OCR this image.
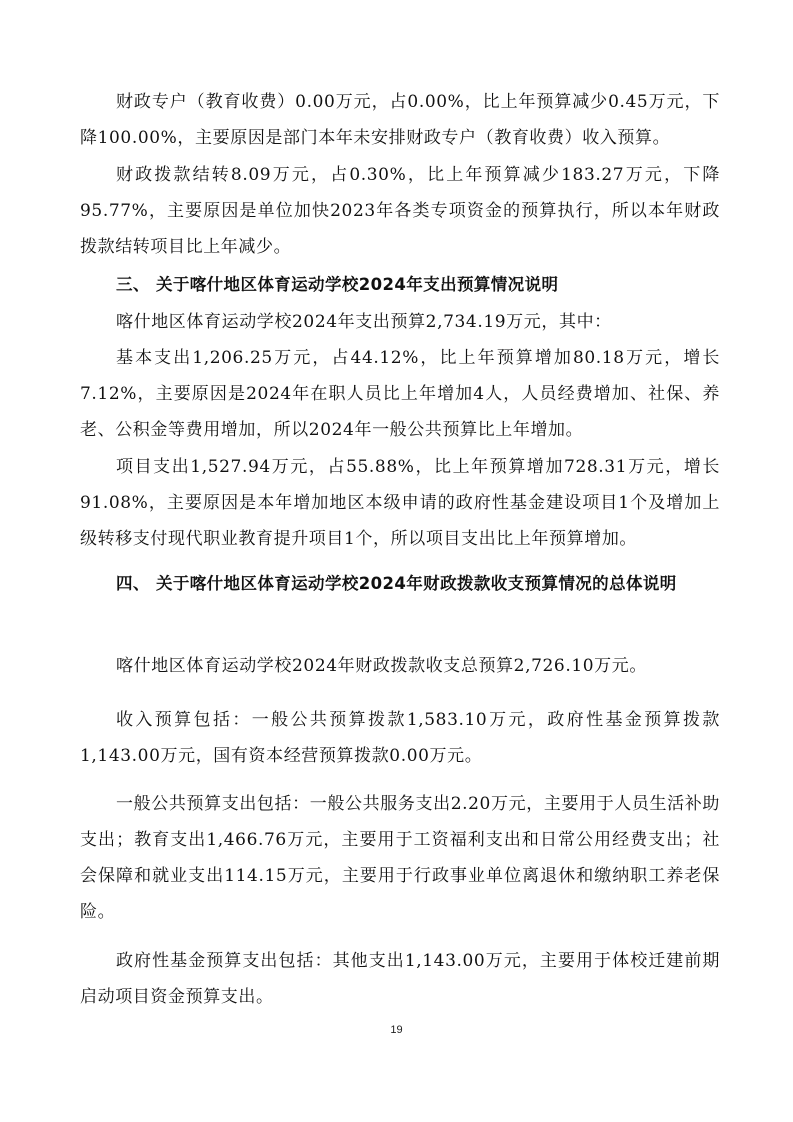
财政专户（教育收费）0.00万元，占0.00%，比上年预算减少0.45万元，下降100.00%，主要原因是部门本年未安排财政专户（教育收费）收入预算。

财政拨款结转8.09万元，占0.30%，比上年预算减少183.27万元，下降95.77%，主要原因是单位加快2023年各类专项资金的预算执行，所以本年财政拨款结转项目比上年减少。

三、 关于喀什地区体育运动学校2024年支出预算情况说明

喀什地区体育运动学校2024年支出预算2,734.19万元，其中：

基本支出1,206.25万元，占44.12%，比上年预算增加80.18万元，增长7.12%，主要原因是2024年在职人员比上年增加4人，人员经费增加、社保、养老、公积金等费用增加，所以2024年一般公共预算比上年增加。

项目支出1,527.94万元，占55.88%，比上年预算增加728.31万元，增长91.08%，主要原因是本年增加地区本级申请的政府性基金建设项目1个及增加上级转移支付现代职业教育提升项目1个，所以项目支出比上年预算增加。

四、 关于喀什地区体育运动学校2024年财政拨款收支预算情况的总体说明

喀什地区体育运动学校2024年财政拨款收支总预算2,726.10万元。

收入预算包括：一般公共预算拨款1,583.10万元，政府性基金预算拨款1,143.00万元，国有资本经营预算拨款0.00万元。

一般公共预算支出包括：一般公共服务支出2.20万元，主要用于人员生活补助支出；教育支出1,466.76万元，主要用于工资福利支出和日常公用经费支出；社会保障和就业支出114.15万元，主要用于行政事业单位离退休和缴纳职工养老保险。

政府性基金预算支出包括：其他支出1,143.00万元，主要用于体校迁建前期启动项目资金预算支出。

19
